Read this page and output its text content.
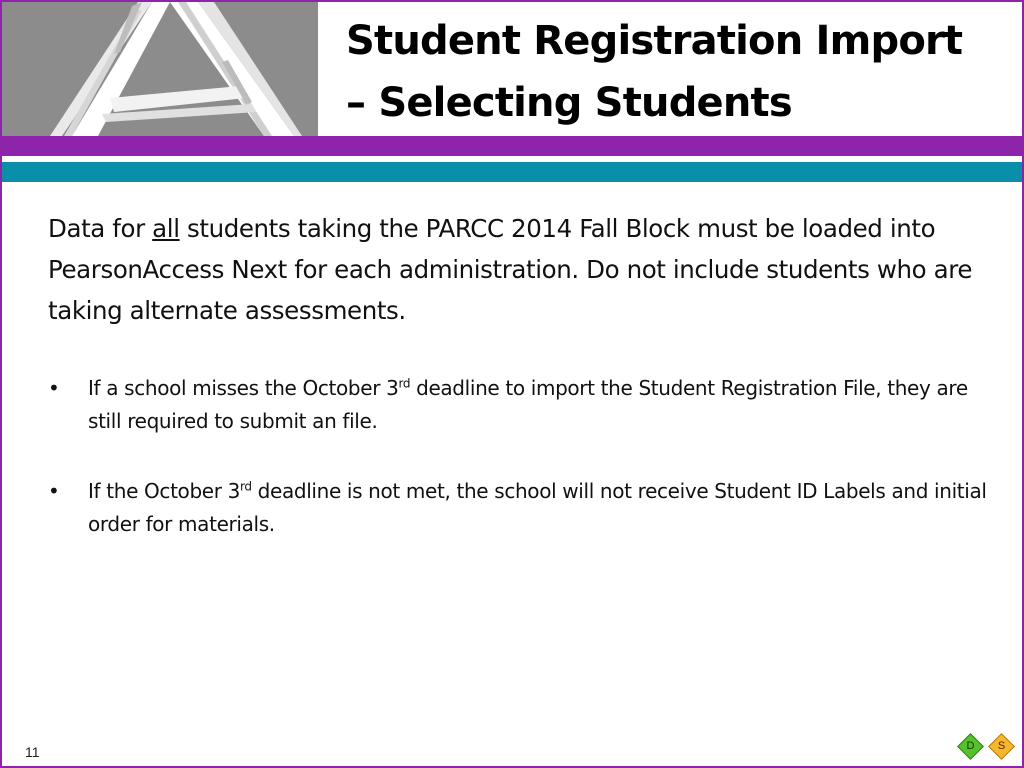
Student Registration Import
– Selecting Students
Data for all students taking the PARCC 2014 Fall Block must be loaded into PearsonAccess Next for each administration. Do not include students who are taking alternate assessments.
• If a school misses the October 3rd deadline to import the Student Registration File, they are still required to submit an file.
• If the October 3rd deadline is not met, the school will not receive Student ID Labels and initial order for materials.
11	D	S
